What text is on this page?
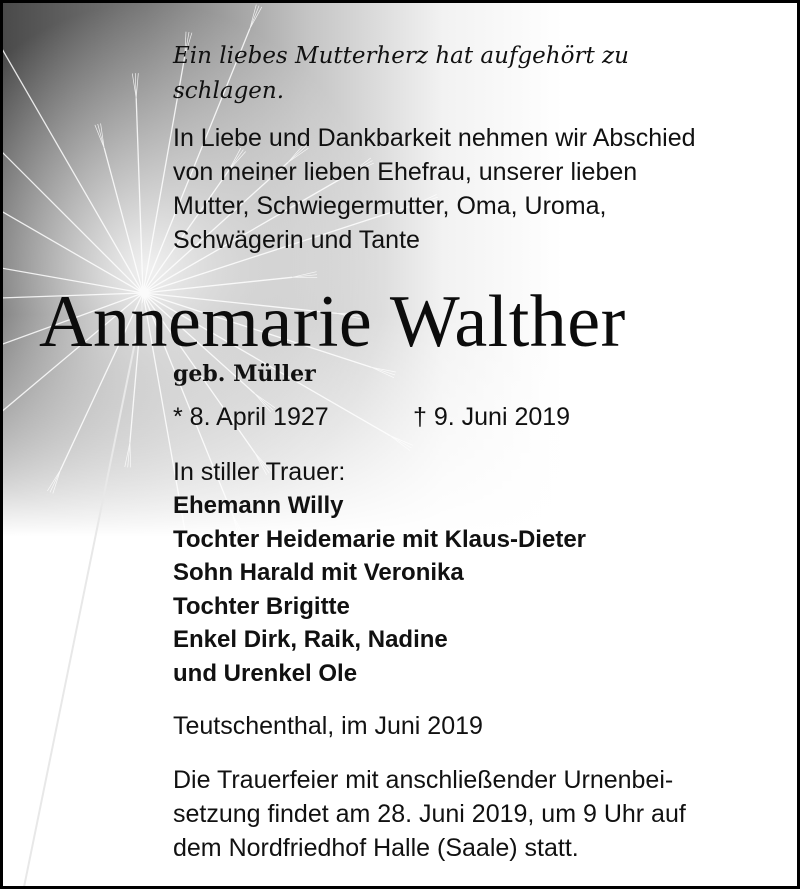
Ein liebes Mutterherz hat aufgehört zu
schlagen.
In Liebe und Dankbarkeit nehmen wir Abschied
von meiner lieben Ehefrau, unserer lieben
Mutter, Schwiegermutter, Oma, Uroma,
Schwägerin und Tante
Annemarie Walther
geb. Müller
* 8. April 1927	† 9. Juni 2019
In stiller Trauer:
Ehemann Willy
Tochter Heidemarie mit Klaus-Dieter
Sohn Harald mit Veronika
Tochter Brigitte
Enkel Dirk, Raik, Nadine
und Urenkel Ole
Teutschenthal, im Juni 2019
Die Trauerfeier mit anschließender Urnenbei-
setzung findet am 28. Juni 2019, um 9 Uhr auf
dem Nordfriedhof Halle (Saale) statt.
